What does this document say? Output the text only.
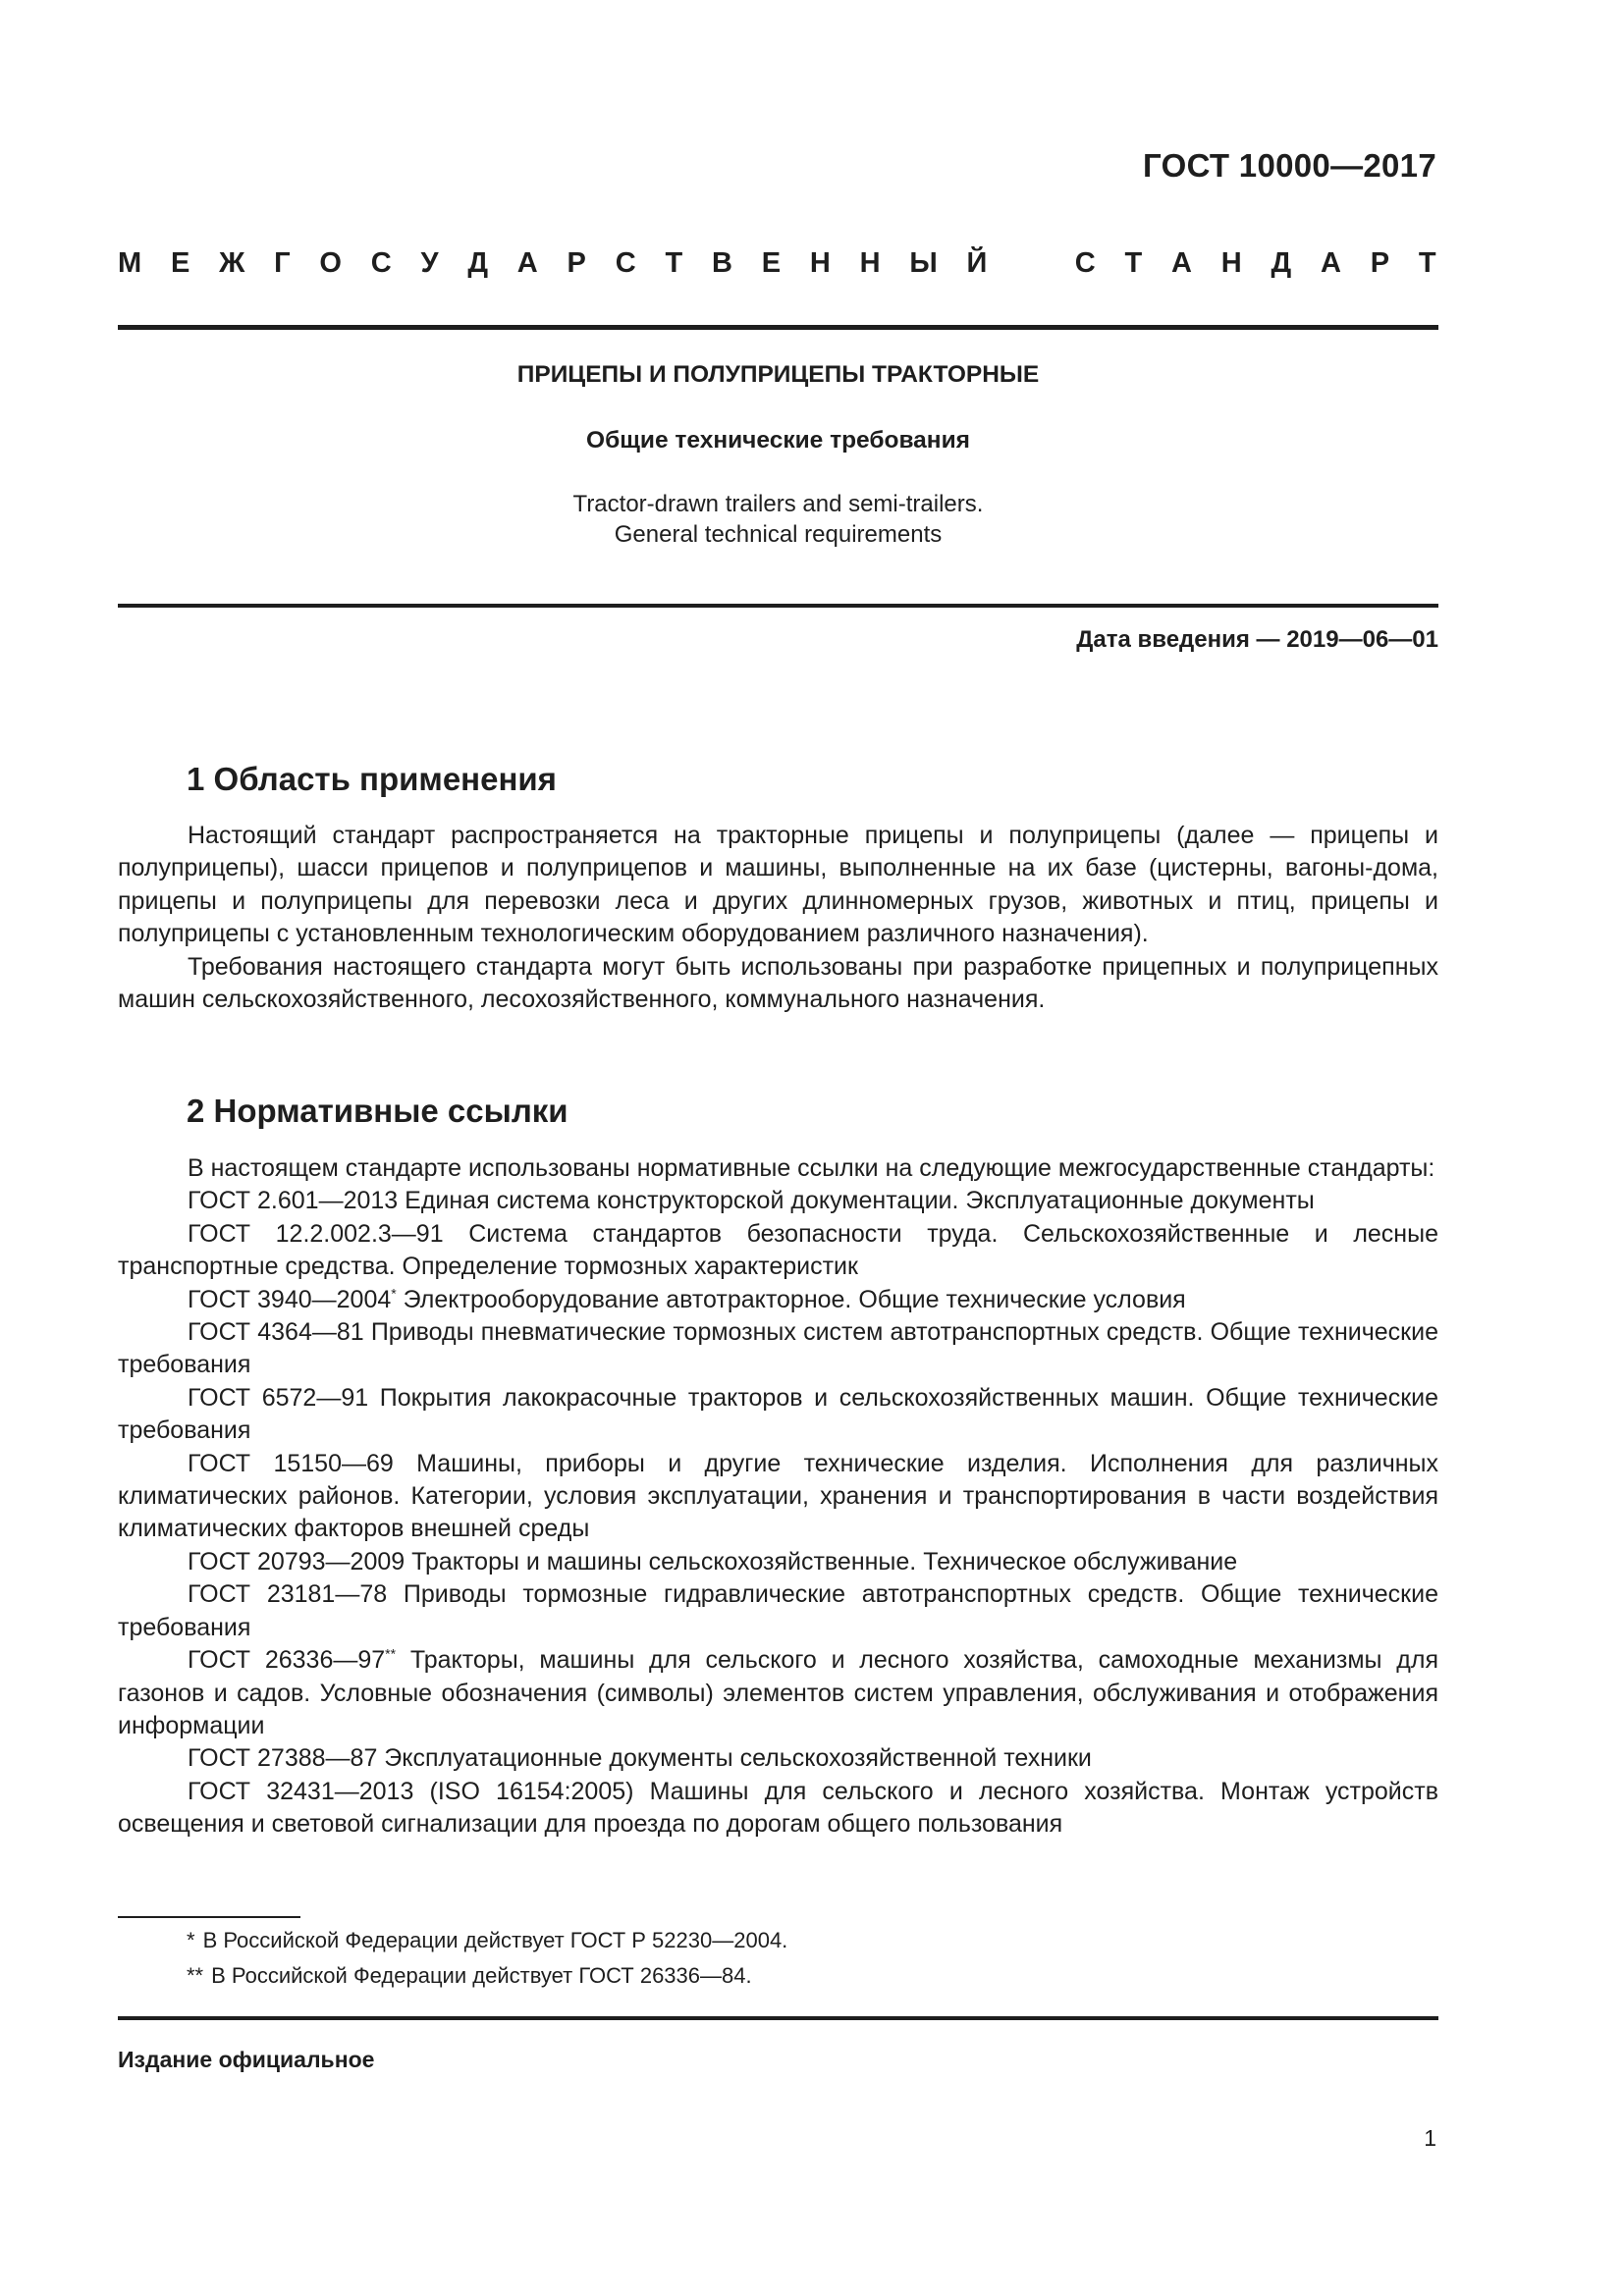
ГОСТ 10000—2017
М Е Ж Г О С У Д А Р С Т В Е Н Н Ы Й	С Т А Н Д А Р Т
ПРИЦЕПЫ И ПОЛУПРИЦЕПЫ ТРАКТОРНЫЕ
Общие технические требования
Tractor-drawn trailers and semi-trailers.
General technical requirements
Дата введения — 2019—06—01
1 Область применения

Настоящий стандарт распространяется на тракторные прицепы и полуприцепы (далее — прицепы и полуприцепы), шасси прицепов и полуприцепов и машины, выполненные на их базе (цистерны, вагоны-дома, прицепы и полуприцепы для перевозки леса и других длинномерных грузов, животных и птиц, прицепы и полуприцепы с установленным технологическим оборудованием различного назначения).

Требования настоящего стандарта могут быть использованы при разработке прицепных и полуприцепных машин сельскохозяйственного, лесохозяйственного, коммунального назначения.

2 Нормативные ссылки

В настоящем стандарте использованы нормативные ссылки на следующие межгосударственные стандарты:

ГОСТ 2.601—2013 Единая система конструкторской документации. Эксплуатационные документы

ГОСТ 12.2.002.3—91 Система стандартов безопасности труда. Сельскохозяйственные и лесные транспортные средства. Определение тормозных характеристик

ГОСТ 3940—2004* Электрооборудование автотракторное. Общие технические условия

ГОСТ 4364—81 Приводы пневматические тормозных систем автотранспортных средств. Общие технические требования

ГОСТ 6572—91 Покрытия лакокрасочные тракторов и сельскохозяйственных машин. Общие технические требования

ГОСТ 15150—69 Машины, приборы и другие технические изделия. Исполнения для различных климатических районов. Категории, условия эксплуатации, хранения и транспортирования в части воздействия климатических факторов внешней среды

ГОСТ 20793—2009 Тракторы и машины сельскохозяйственные. Техническое обслуживание

ГОСТ 23181—78 Приводы тормозные гидравлические автотранспортных средств. Общие технические требования

ГОСТ 26336—97** Тракторы, машины для сельского и лесного хозяйства, самоходные механизмы для газонов и садов. Условные обозначения (символы) элементов систем управления, обслуживания и отображения информации

ГОСТ 27388—87 Эксплуатационные документы сельскохозяйственной техники

ГОСТ 32431—2013 (ISO 16154:2005) Машины для сельского и лесного хозяйства. Монтаж устройств освещения и световой сигнализации для проезда по дорогам общего пользования

* В Российской Федерации действует ГОСТ Р 52230—2004.
** В Российской Федерации действует ГОСТ 26336—84.
Издание официальное
1
